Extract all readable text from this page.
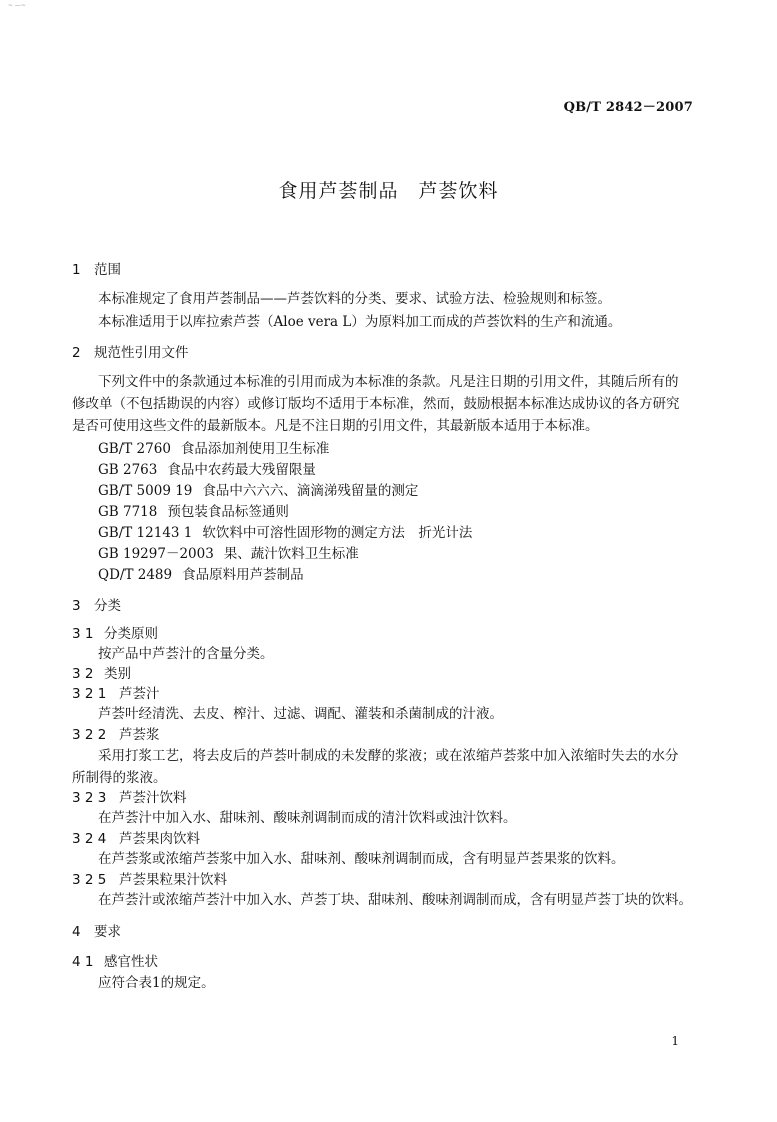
~ —~
QB/T 2842－2007
食用芦荟制品　芦荟饮料
1 范围
本标准规定了食用芦荟制品——芦荟饮料的分类、要求、试验方法、检验规则和标签。
本标准适用于以库拉索芦荟（Aloe vera L）为原料加工而成的芦荟饮料的生产和流通。
2 规范性引用文件
下列文件中的条款通过本标准的引用而成为本标准的条款。凡是注日期的引用文件，其随后所有的
修改单（不包括勘误的内容）或修订版均不适用于本标准，然而，鼓励根据本标准达成协议的各方研究
是否可使用这些文件的最新版本。凡是不注日期的引用文件，其最新版本适用于本标准。
GB/T 2760 食品添加剂使用卫生标准
GB 2763 食品中农药最大残留限量
GB/T 5009 19 食品中六六六、滴滴涕残留量的测定
GB 7718 预包装食品标签通则
GB/T 12143 1 软饮料中可溶性固形物的测定方法　折光计法
GB 19297－2003 果、蔬汁饮料卫生标准
QD/T 2489 食品原料用芦荟制品
3 分类
3 1 分类原则
按产品中芦荟汁的含量分类。
3 2 类别
3 2 1 芦荟汁
芦荟叶经清洗、去皮、榨汁、过滤、调配、灌装和杀菌制成的汁液。
3 2 2 芦荟浆
采用打浆工艺，将去皮后的芦荟叶制成的未发酵的浆液；或在浓缩芦荟浆中加入浓缩时失去的水分
所制得的浆液。
3 2 3 芦荟汁饮料
在芦荟汁中加入水、甜味剂、酸味剂调制而成的清汁饮料或浊汁饮料。
3 2 4 芦荟果肉饮料
在芦荟浆或浓缩芦荟浆中加入水、甜味剂、酸味剂调制而成，含有明显芦荟果浆的饮料。
3 2 5 芦荟果粒果汁饮料
在芦荟汁或浓缩芦荟汁中加入水、芦荟丁块、甜味剂、酸味剂调制而成，含有明显芦荟丁块的饮料。
4 要求
4 1 感官性状
应符合表1的规定。
1
